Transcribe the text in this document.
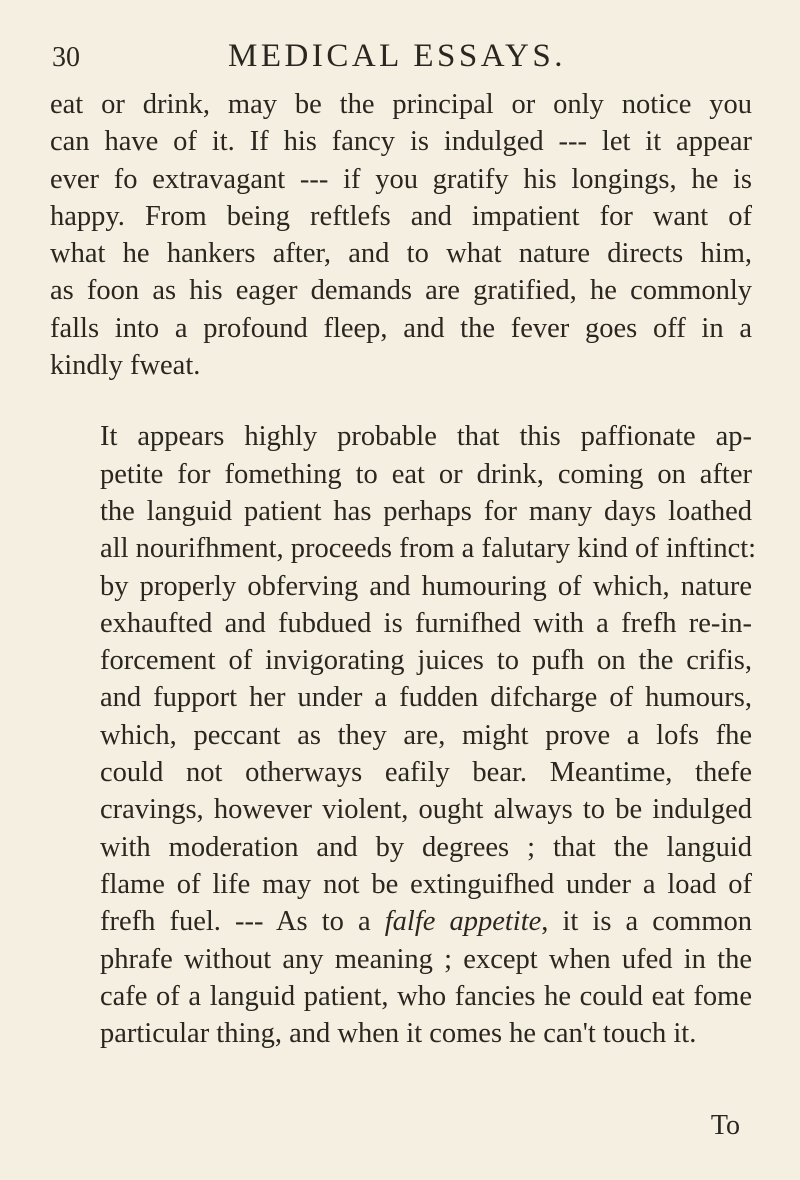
30	MEDICAL ESSAYS.

eat or drink, may be the principal or only notice you
can have of it. If his fancy is indulged --- let it appear
ever fo extravagant --- if you gratify his longings, he is
happy. From being reftlefs and impatient for want of
what he hankers after, and to what nature directs him,
as foon as his eager demands are gratified, he commonly
falls into a profound fleep, and the fever goes off in a
kindly fweat.

It appears highly probable that this paffionate ap-
petite for fomething to eat or drink, coming on after
the languid patient has perhaps for many days loathed
all nourifhment, proceeds from a falutary kind of inftinct:
by properly obferving and humouring of which, nature
exhaufted and fubdued is furnifhed with a frefh re-in-
forcement of invigorating juices to pufh on the crifis,
and fupport her under a fudden difcharge of humours,
which, peccant as they are, might prove a lofs fhe
could not otherways eafily bear. Meantime, thefe
cravings, however violent, ought always to be indulged
with moderation and by degrees ; that the languid
flame of life may not be extinguifhed under a load of
frefh fuel. --- As to a falfe appetite, it is a common
phrafe without any meaning ; except when ufed in the
cafe of a languid patient, who fancies he could eat fome
particular thing, and when it comes he can't touch it.

To
